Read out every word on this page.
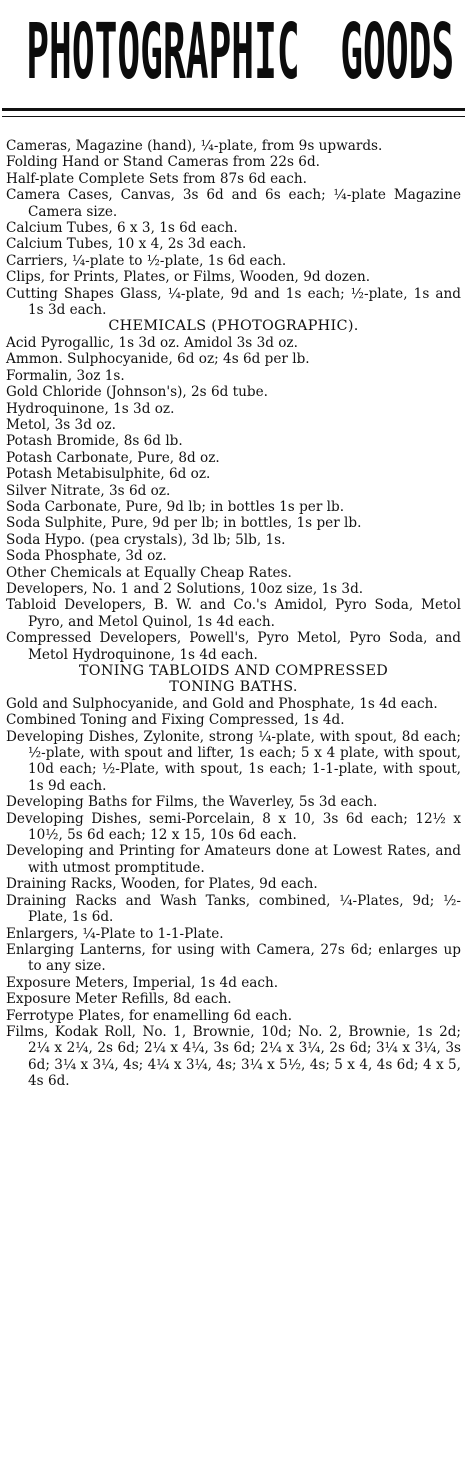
PHOTOGRAPHIC GOODS

Cameras, Magazine (hand), ¼-plate, from 9s upwards.

Folding Hand or Stand Cameras from 22s 6d.

Half-plate Complete Sets from 87s 6d each.

Camera Cases, Canvas, 3s 6d and 6s each; ¼-plate Magazine Camera size.

Calcium Tubes, 6 x 3, 1s 6d each.

Calcium Tubes, 10 x 4, 2s 3d each.

Carriers, ¼-plate to ½-plate, 1s 6d each.

Clips, for Prints, Plates, or Films, Wooden, 9d dozen.

Cutting Shapes Glass, ¼-plate, 9d and 1s each; ½-plate, 1s and 1s 3d each.

CHEMICALS (PHOTOGRAPHIC).

Acid Pyrogallic, 1s 3d oz. Amidol 3s 3d oz.

Ammon. Sulphocyanide, 6d oz; 4s 6d per lb.

Formalin, 3oz 1s.

Gold Chloride (Johnson's), 2s 6d tube.

Hydroquinone, 1s 3d oz.

Metol, 3s 3d oz.

Potash Bromide, 8s 6d lb.

Potash Carbonate, Pure, 8d oz.

Potash Metabisulphite, 6d oz.

Silver Nitrate, 3s 6d oz.

Soda Carbonate, Pure, 9d lb; in bottles 1s per lb.

Soda Sulphite, Pure, 9d per lb; in bottles, 1s per lb.

Soda Hypo. (pea crystals), 3d lb; 5lb, 1s.

Soda Phosphate, 3d oz.

Other Chemicals at Equally Cheap Rates.

Developers, No. 1 and 2 Solutions, 10oz size, 1s 3d.

Tabloid Developers, B. W. and Co.'s Amidol, Pyro Soda, Metol Pyro, and Metol Quinol, 1s 4d each.

Compressed Developers, Powell's, Pyro Metol, Pyro Soda, and Metol Hydroquinone, 1s 4d each.

TONING TABLOIDS AND COMPRESSED

TONING BATHS.

Gold and Sulphocyanide, and Gold and Phosphate, 1s 4d each.

Combined Toning and Fixing Compressed, 1s 4d.

Developing Dishes, Zylonite, strong ¼-plate, with spout, 8d each; ½-plate, with spout and lifter, 1s each; 5 x 4 plate, with spout, 10d each; ½-Plate, with spout, 1s each; 1-1-plate, with spout, 1s 9d each.

Developing Baths for Films, the Waverley, 5s 3d each.

Developing Dishes, semi-Porcelain, 8 x 10, 3s 6d each; 12½ x 10½, 5s 6d each; 12 x 15, 10s 6d each.

Developing and Printing for Amateurs done at Lowest Rates, and with utmost promptitude.

Draining Racks, Wooden, for Plates, 9d each.

Draining Racks and Wash Tanks, combined, ¼-Plates, 9d; ½-Plate, 1s 6d.

Enlargers, ¼-Plate to 1-1-Plate.

Enlarging Lanterns, for using with Camera, 27s 6d; enlarges up to any size.

Exposure Meters, Imperial, 1s 4d each.

Exposure Meter Refills, 8d each.

Ferrotype Plates, for enamelling 6d each.

Films, Kodak Roll, No. 1, Brownie, 10d; No. 2, Brownie, 1s 2d; 2¼ x 2¼, 2s 6d; 2¼ x 4¼, 3s 6d; 2¼ x 3¼, 2s 6d; 3¼ x 3¼, 3s 6d; 3¼ x 3¼, 4s; 4¼ x 3¼, 4s; 3¼ x 5½, 4s; 5 x 4, 4s 6d; 4 x 5, 4s 6d.
